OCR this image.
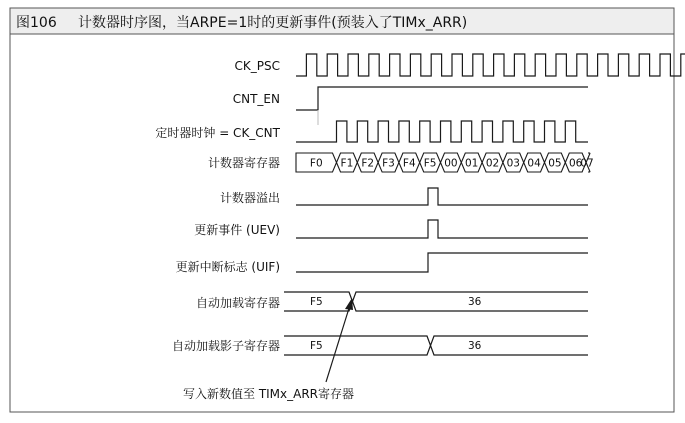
图106 计数器时序图，当ARPE=1时的更新事件(预装入了TIMx_ARR)
CK_PSC
CNT_EN
定时器时钟 = CK_CNT
计数器寄存器
计数器溢出
更新事件 (UEV)
更新中断标志 (UIF)
自动加载寄存器
自动加载影子寄存器
F0 F1 F2 F3 F4 F5 00 01 02 03 04 05 06
07
F5	36
F5	36
写入新数值至 TIMx_ARR寄存器
